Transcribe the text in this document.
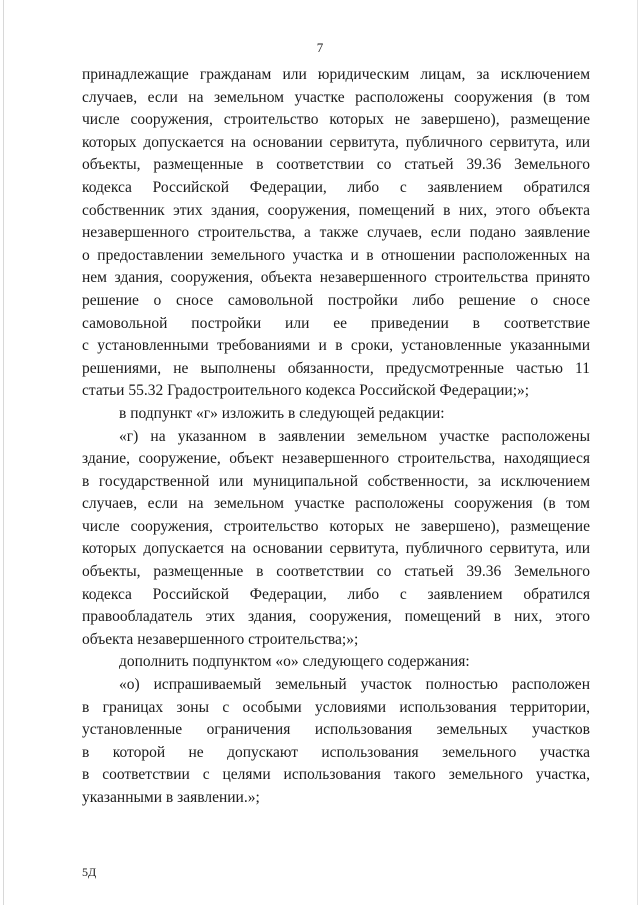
7
принадлежащие гражданам или юридическим лицам, за исключением
случаев, если на земельном участке расположены сооружения (в том
числе сооружения, строительство которых не завершено), размещение
которых допускается на основании сервитута, публичного сервитута, или
объекты, размещенные в соответствии со статьей 39.36 Земельного
кодекса Российской Федерации, либо с заявлением обратился
собственник этих здания, сооружения, помещений в них, этого объекта
незавершенного строительства, а также случаев, если подано заявление
о предоставлении земельного участка и в отношении расположенных на
нем здания, сооружения, объекта незавершенного строительства принято
решение о сносе самовольной постройки либо решение о сносе
самовольной постройки или ее приведении в соответствие
с установленными требованиями и в сроки, установленные указанными
решениями, не выполнены обязанности, предусмотренные частью 11
статьи 55.32 Градостроительного кодекса Российской Федерации;»;
в подпункт «г» изложить в следующей редакции:
«г) на указанном в заявлении земельном участке расположены
здание, сооружение, объект незавершенного строительства, находящиеся
в государственной или муниципальной собственности, за исключением
случаев, если на земельном участке расположены сооружения (в том
числе сооружения, строительство которых не завершено), размещение
которых допускается на основании сервитута, публичного сервитута, или
объекты, размещенные в соответствии со статьей 39.36 Земельного
кодекса Российской Федерации, либо с заявлением обратился
правообладатель этих здания, сооружения, помещений в них, этого
объекта незавершенного строительства;»;
дополнить подпунктом «о» следующего содержания:
«о) испрашиваемый земельный участок полностью расположен
в границах зоны с особыми условиями использования территории,
установленные ограничения использования земельных участков
в которой не допускают использования земельного участка
в соответствии с целями использования такого земельного участка,
указанными в заявлении.»;
5Д
